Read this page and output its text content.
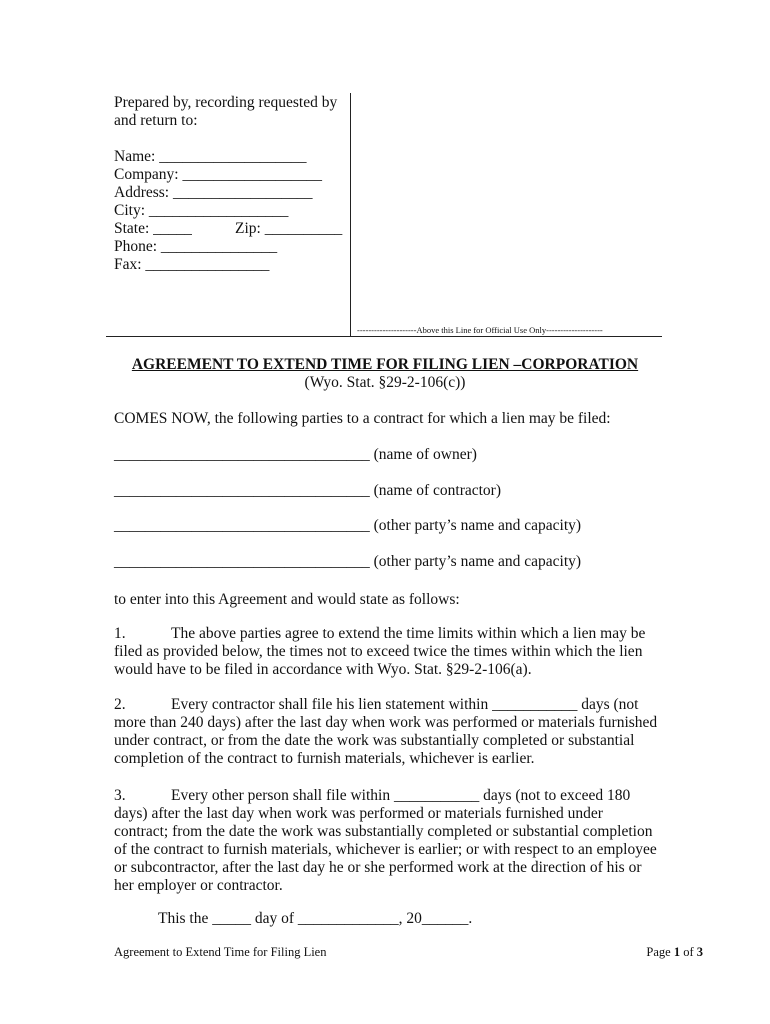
Prepared by, recording requested by
and return to:
Name: ___________________
Company: __________________
Address: __________________
City: __________________
State: _____	Zip: __________
Phone: _______________
Fax: ________________
---------------------Above this Line for Official Use Only--------------------
AGREEMENT TO EXTEND TIME FOR FILING LIEN –CORPORATION
(Wyo. Stat. §29-2-106(c))
COMES NOW, the following parties to a contract for which a lien may be filed:
_________________________________ (name of owner)
_________________________________ (name of contractor)
_________________________________ (other party’s name and capacity)
_________________________________ (other party’s name and capacity)
to enter into this Agreement and would state as follows:
1.	The above parties agree to extend the time limits within which a lien may be filed as provided below, the times not to exceed twice the times within which the lien would have to be filed in accordance with Wyo. Stat. §29-2-106(a).
2.	Every contractor shall file his lien statement within ___________ days (not more than 240 days) after the last day when work was performed or materials furnished under contract, or from the date the work was substantially completed or substantial completion of the contract to furnish materials, whichever is earlier.
3.	Every other person shall file within ___________ days (not to exceed 180 days) after the last day when work was performed or materials furnished under contract; from the date the work was substantially completed or substantial completion of the contract to furnish materials, whichever is earlier; or with respect to an employee or subcontractor, after the last day he or she performed work at the direction of his or her employer or contractor.
This the _____ day of _____________, 20______.
Agreement to Extend Time for Filing Lien	Page 1 of 3
